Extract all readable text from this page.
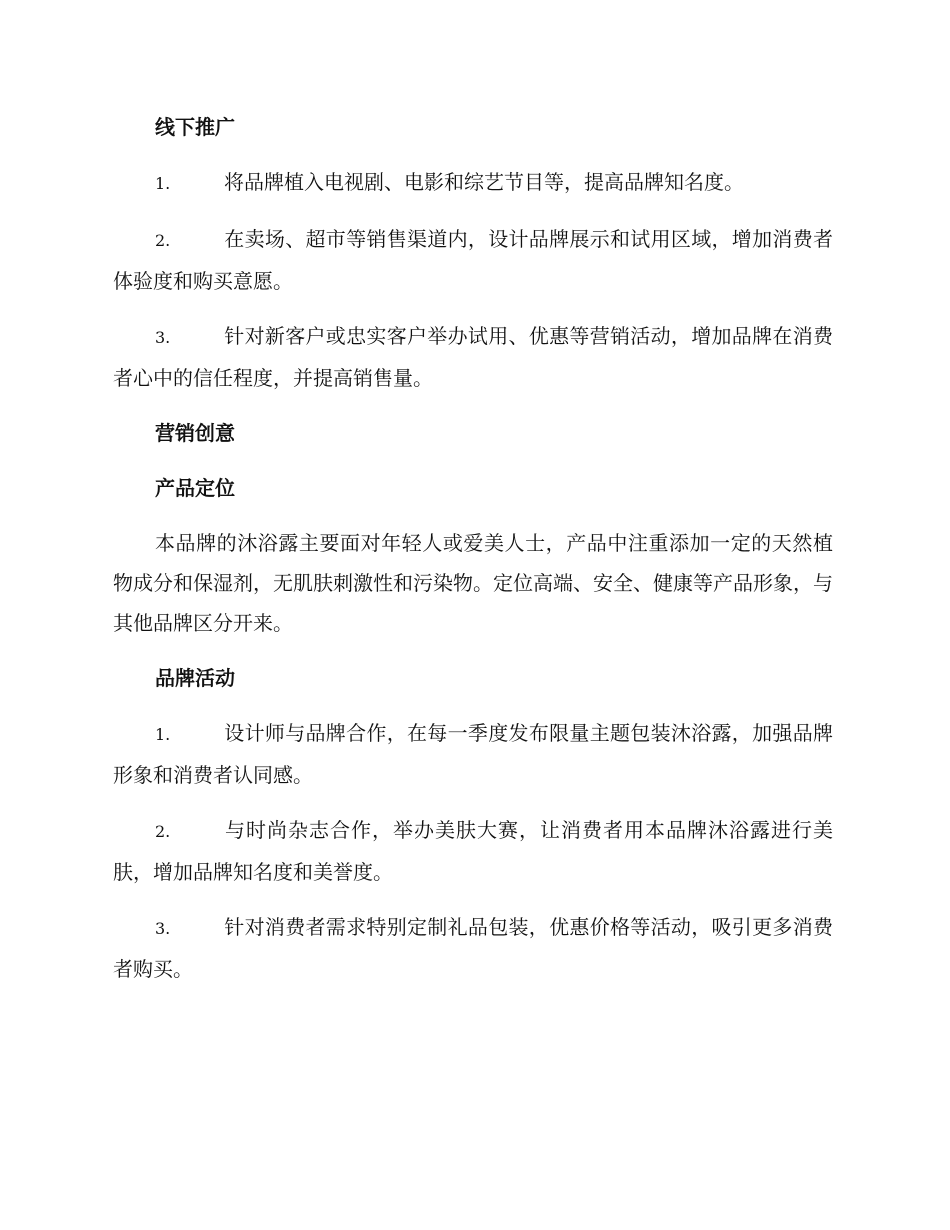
线下推广
1.	将品牌植入电视剧、电影和综艺节目等，提高品牌知名度。
2.	在卖场、超市等销售渠道内，设计品牌展示和试用区域，增加消费者体验度和购买意愿。
3.	针对新客户或忠实客户举办试用、优惠等营销活动，增加品牌在消费者心中的信任程度，并提高销售量。
营销创意
产品定位
本品牌的沐浴露主要面对年轻人或爱美人士，产品中注重添加一定的天然植物成分和保湿剂，无肌肤刺激性和污染物。定位高端、安全、健康等产品形象，与其他品牌区分开来。
品牌活动
1.	设计师与品牌合作，在每一季度发布限量主题包装沐浴露，加强品牌形象和消费者认同感。
2.	与时尚杂志合作，举办美肤大赛，让消费者用本品牌沐浴露进行美肤，增加品牌知名度和美誉度。
3.	针对消费者需求特别定制礼品包装，优惠价格等活动，吸引更多消费者购买。
